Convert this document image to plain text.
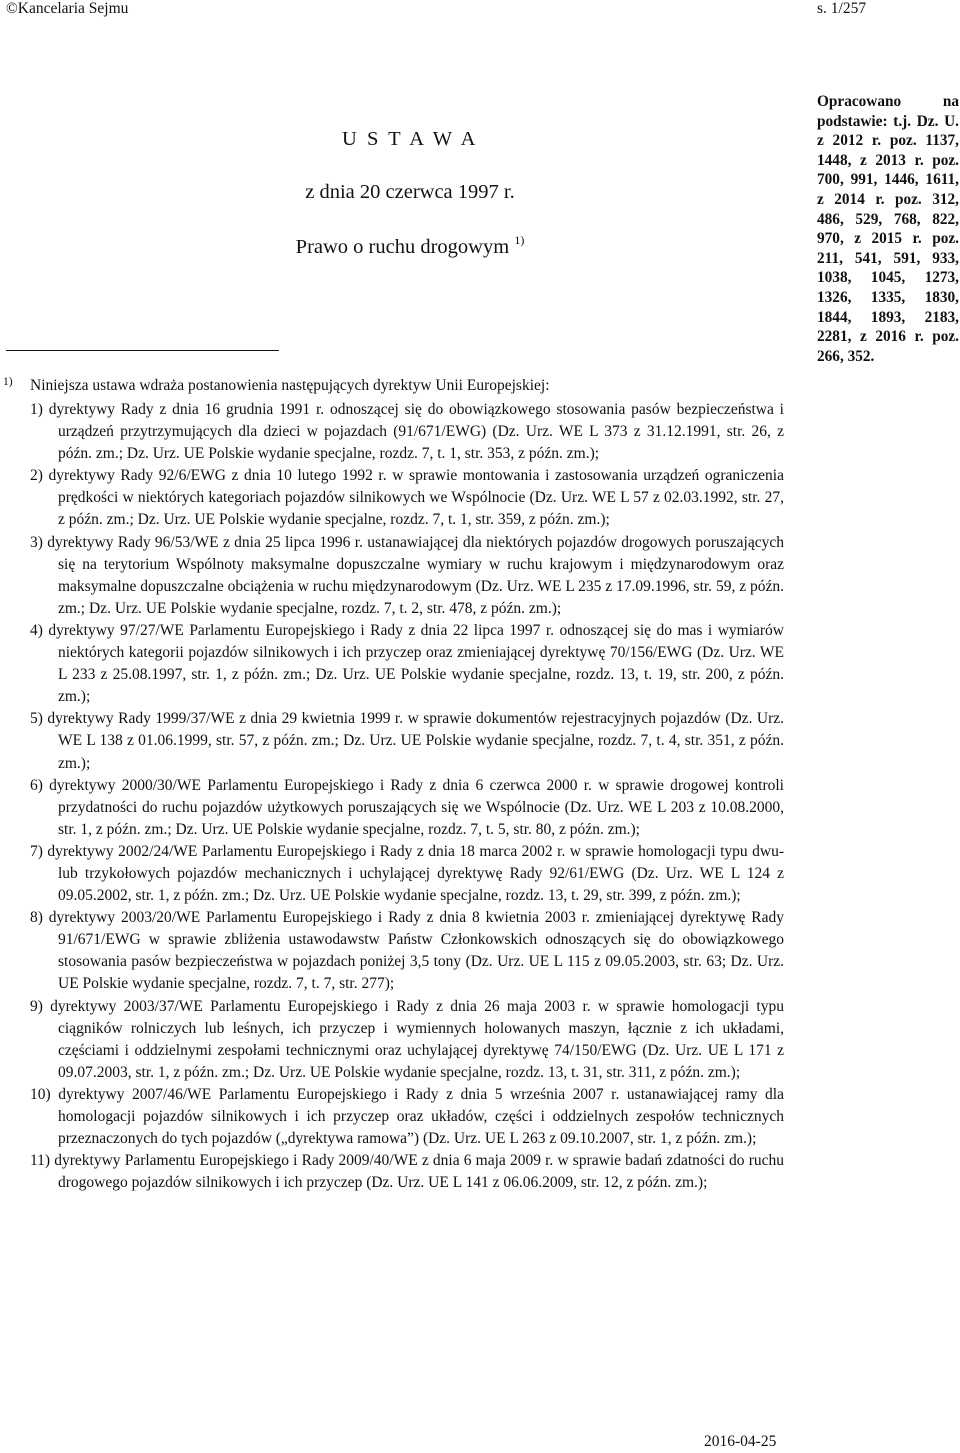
©Kancelaria Sejmu	s. 1/257
U S T A W A
z dnia 20 czerwca 1997 r.
Prawo o ruchu drogowym $^{1)}$
1) Niniejsza ustawa wdraża postanowienia następujących dyrektyw Unii Europejskiej:

1) dyrektywy Rady z dnia 16 grudnia 1991 r. odnoszącej się do obowiązkowego stosowania pasów bezpieczeństwa i urządzeń przytrzymujących dla dzieci w pojazdach (91/671/EWG) (Dz. Urz. WE L 373 z 31.12.1991, str. 26, z późn. zm.; Dz. Urz. UE Polskie wydanie specjalne, rozdz. 7, t. 1, str. 353, z późn. zm.);

2) dyrektywy Rady 92/6/EWG z dnia 10 lutego 1992 r. w sprawie montowania i zastosowania urządzeń ograniczenia prędkości w niektórych kategoriach pojazdów silnikowych we Wspólnocie (Dz. Urz. WE L 57 z 02.03.1992, str. 27, z późn. zm.; Dz. Urz. UE Polskie wydanie specjalne, rozdz. 7, t. 1, str. 359, z późn. zm.);

3) dyrektywy Rady 96/53/WE z dnia 25 lipca 1996 r. ustanawiającej dla niektórych pojazdów drogowych poruszających się na terytorium Wspólnoty maksymalne dopuszczalne wymiary w ruchu krajowym i międzynarodowym oraz maksymalne dopuszczalne obciążenia w ruchu międzynarodowym (Dz. Urz. WE L 235 z 17.09.1996, str. 59, z późn. zm.; Dz. Urz. UE Polskie wydanie specjalne, rozdz. 7, t. 2, str. 478, z późn. zm.);

4) dyrektywy 97/27/WE Parlamentu Europejskiego i Rady z dnia 22 lipca 1997 r. odnoszącej się do mas i wymiarów niektórych kategorii pojazdów silnikowych i ich przyczep oraz zmieniającej dyrektywę 70/156/EWG (Dz. Urz. WE L 233 z 25.08.1997, str. 1, z późn. zm.; Dz. Urz. UE Polskie wydanie specjalne, rozdz. 13, t. 19, str. 200, z późn. zm.);

5) dyrektywy Rady 1999/37/WE z dnia 29 kwietnia 1999 r. w sprawie dokumentów rejestracyjnych pojazdów (Dz. Urz. WE L 138 z 01.06.1999, str. 57, z późn. zm.; Dz. Urz. UE Polskie wydanie specjalne, rozdz. 7, t. 4, str. 351, z późn. zm.);

6) dyrektywy 2000/30/WE Parlamentu Europejskiego i Rady z dnia 6 czerwca 2000 r. w sprawie drogowej kontroli przydatności do ruchu pojazdów użytkowych poruszających się we Wspólnocie (Dz. Urz. WE L 203 z 10.08.2000, str. 1, z późn. zm.; Dz. Urz. UE Polskie wydanie specjalne, rozdz. 7, t. 5, str. 80, z późn. zm.);

7) dyrektywy 2002/24/WE Parlamentu Europejskiego i Rady z dnia 18 marca 2002 r. w sprawie homologacji typu dwu- lub trzykołowych pojazdów mechanicznych i uchylającej dyrektywę Rady 92/61/EWG (Dz. Urz. WE L 124 z 09.05.2002, str. 1, z późn. zm.; Dz. Urz. UE Polskie wydanie specjalne, rozdz. 13, t. 29, str. 399, z późn. zm.);

8) dyrektywy 2003/20/WE Parlamentu Europejskiego i Rady z dnia 8 kwietnia 2003 r. zmieniającej dyrektywę Rady 91/671/EWG w sprawie zbliżenia ustawodawstw Państw Członkowskich odnoszących się do obowiązkowego stosowania pasów bezpieczeństwa w pojazdach poniżej 3,5 tony (Dz. Urz. UE L 115 z 09.05.2003, str. 63; Dz. Urz. UE Polskie wydanie specjalne, rozdz. 7, t. 7, str. 277);

9) dyrektywy 2003/37/WE Parlamentu Europejskiego i Rady z dnia 26 maja 2003 r. w sprawie homologacji typu ciągników rolniczych lub leśnych, ich przyczep i wymiennych holowanych maszyn, łącznie z ich układami, częściami i oddzielnymi zespołami technicznymi oraz uchylającej dyrektywę 74/150/EWG (Dz. Urz. UE L 171 z 09.07.2003, str. 1, z późn. zm.; Dz. Urz. UE Polskie wydanie specjalne, rozdz. 13, t. 31, str. 311, z późn. zm.);

10) dyrektywy 2007/46/WE Parlamentu Europejskiego i Rady z dnia 5 września 2007 r. ustanawiającej ramy dla homologacji pojazdów silnikowych i ich przyczep oraz układów, części i oddzielnych zespołów technicznych przeznaczonych do tych pojazdów („dyrektywa ramowa”) (Dz. Urz. UE L 263 z 09.10.2007, str. 1, z późn. zm.);

11) dyrektywy Parlamentu Europejskiego i Rady 2009/40/WE z dnia 6 maja 2009 r. w sprawie badań zdatności do ruchu drogowego pojazdów silnikowych i ich przyczep (Dz. Urz. UE L 141 z 06.06.2009, str. 12, z późn. zm.);

Opracowano na podstawie: t.j. Dz. U. z 2012 r. poz. 1137, 1448, z 2013 r. poz. 700, 991, 1446, 1611, z 2014 r. poz. 312, 486, 529, 768, 822, 970, z 2015 r. poz. 211, 541, 591, 933, 1038, 1045, 1273, 1326, 1335, 1830, 1844, 1893, 2183, 2281, z 2016 r. poz. 266, 352.
2016-04-25
